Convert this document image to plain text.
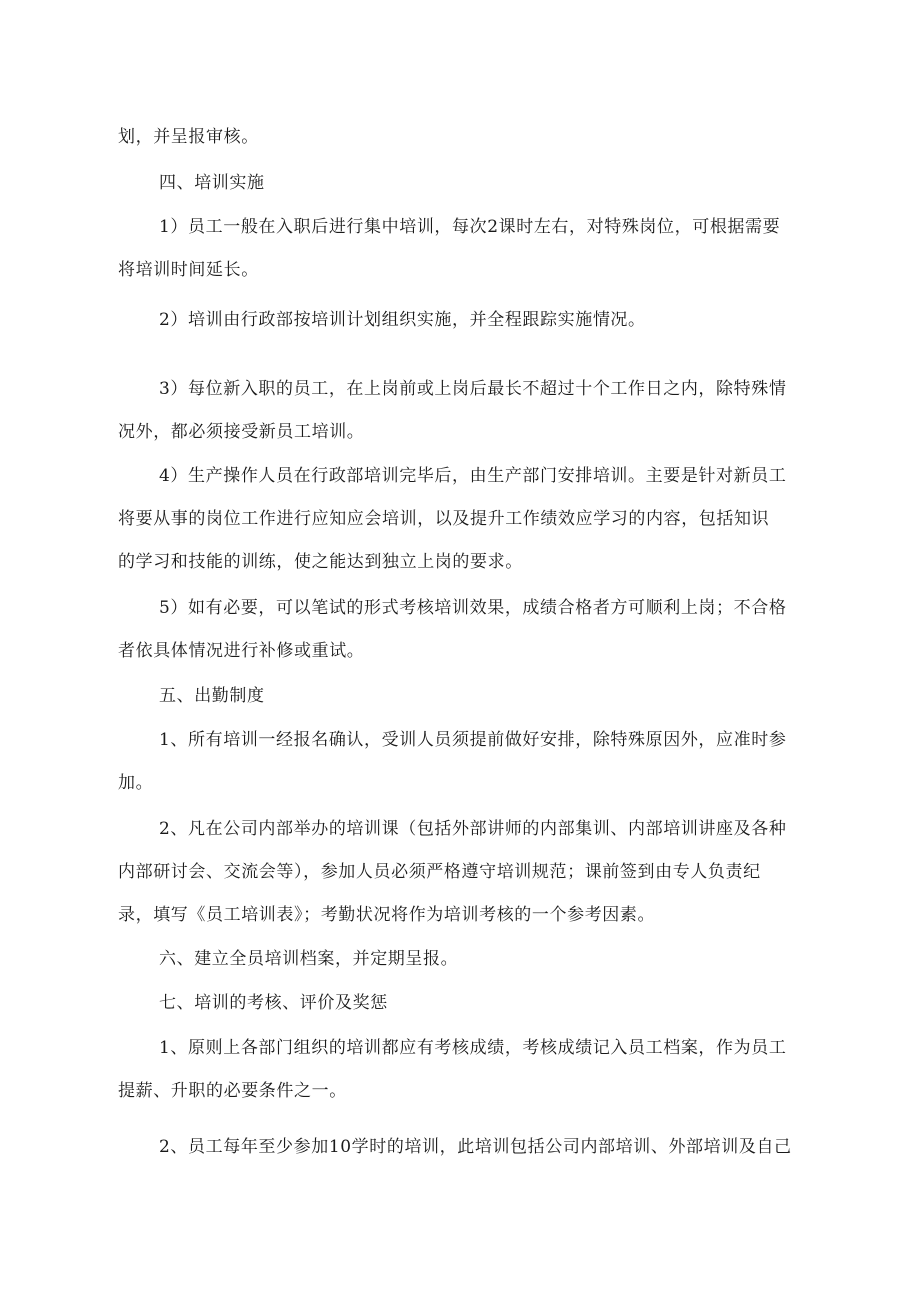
划，并呈报审核。
四、培训实施
1）员工一般在入职后进行集中培训，每次2课时左右，对特殊岗位，可根据需要
将培训时间延长。
2）培训由行政部按培训计划组织实施，并全程跟踪实施情况。
3）每位新入职的员工，在上岗前或上岗后最长不超过十个工作日之内，除特殊情
况外，都必须接受新员工培训。
4）生产操作人员在行政部培训完毕后，由生产部门安排培训。主要是针对新员工
将要从事的岗位工作进行应知应会培训，以及提升工作绩效应学习的内容，包括知识
的学习和技能的训练，使之能达到独立上岗的要求。
5）如有必要，可以笔试的形式考核培训效果，成绩合格者方可顺利上岗；不合格
者依具体情况进行补修或重试。
五、出勤制度
1、所有培训一经报名确认，受训人员须提前做好安排，除特殊原因外，应准时参
加。
2、凡在公司内部举办的培训课（包括外部讲师的内部集训、内部培训讲座及各种
内部研讨会、交流会等），参加人员必须严格遵守培训规范；课前签到由专人负责纪
录，填写《员工培训表》；考勤状况将作为培训考核的一个参考因素。
六、建立全员培训档案，并定期呈报。
七、培训的考核、评价及奖惩
1、原则上各部门组织的培训都应有考核成绩，考核成绩记入员工档案，作为员工
提薪、升职的必要条件之一。
2、员工每年至少参加10学时的培训，此培训包括公司内部培训、外部培训及自己
